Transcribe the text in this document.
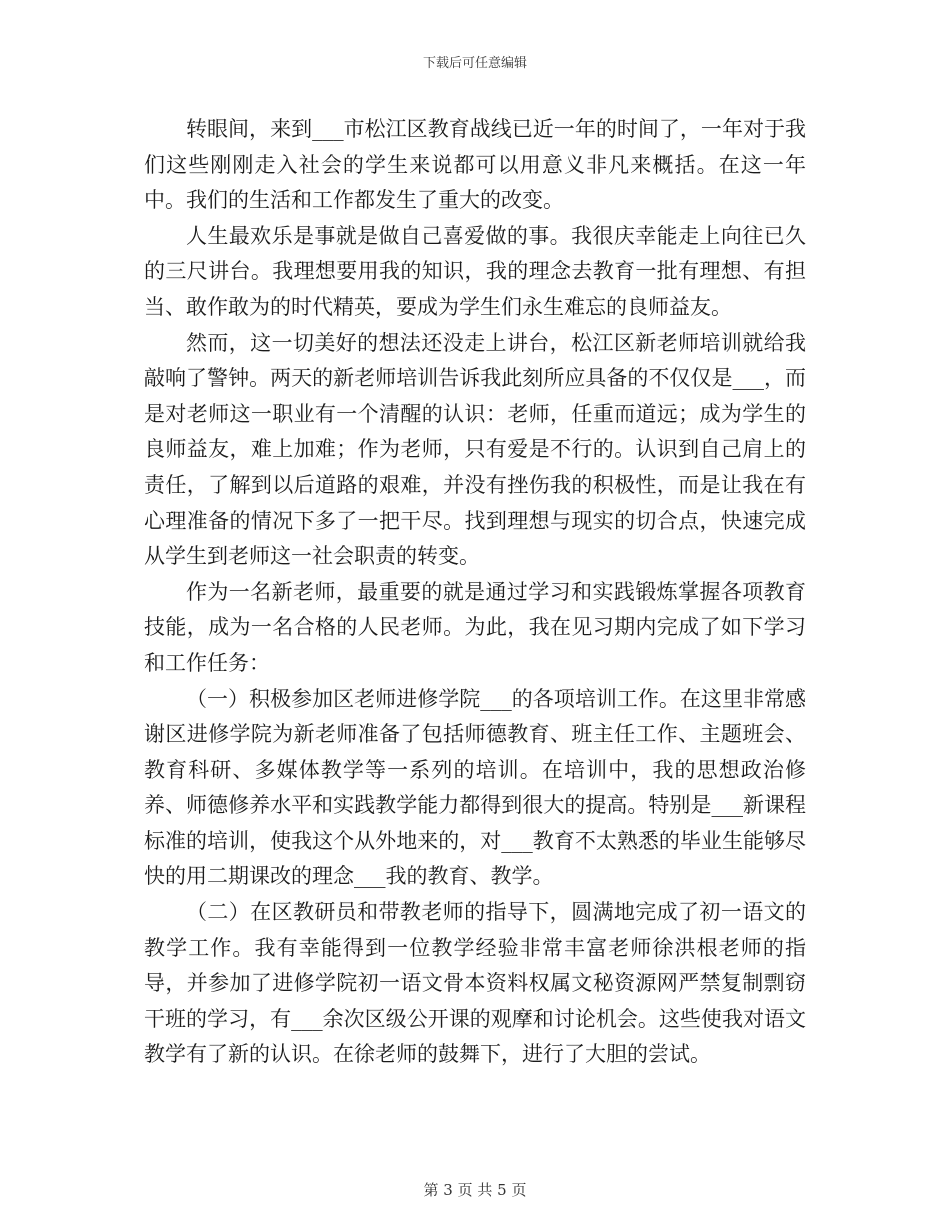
下载后可任意编辑

转眼间，来到___市松江区教育战线已近一年的时间了，一年对于我们这些刚刚走入社会的学生来说都可以用意义非凡来概括。在这一年中。我们的生活和工作都发生了重大的改变。

人生最欢乐是事就是做自己喜爱做的事。我很庆幸能走上向往已久的三尺讲台。我理想要用我的知识，我的理念去教育一批有理想、有担当、敢作敢为的时代精英，要成为学生们永生难忘的良师益友。

然而，这一切美好的想法还没走上讲台，松江区新老师培训就给我敲响了警钟。两天的新老师培训告诉我此刻所应具备的不仅仅是___，而是对老师这一职业有一个清醒的认识：老师，任重而道远；成为学生的良师益友，难上加难；作为老师，只有爱是不行的。认识到自己肩上的责任，了解到以后道路的艰难，并没有挫伤我的积极性，而是让我在有心理准备的情况下多了一把干尽。找到理想与现实的切合点，快速完成从学生到老师这一社会职责的转变。

作为一名新老师，最重要的就是通过学习和实践锻炼掌握各项教育技能，成为一名合格的人民老师。为此，我在见习期内完成了如下学习和工作任务：

（一）积极参加区老师进修学院___的各项培训工作。在这里非常感谢区进修学院为新老师准备了包括师德教育、班主任工作、主题班会、教育科研、多媒体教学等一系列的培训。在培训中，我的思想政治修养、师德修养水平和实践教学能力都得到很大的提高。特别是___新课程标准的培训，使我这个从外地来的，对___教育不太熟悉的毕业生能够尽快的用二期课改的理念___我的教育、教学。

（二）在区教研员和带教老师的指导下，圆满地完成了初一语文的教学工作。我有幸能得到一位教学经验非常丰富老师徐洪根老师的指导，并参加了进修学院初一语文骨本资料权属文秘资源网严禁复制剽窃干班的学习，有___余次区级公开课的观摩和讨论机会。这些使我对语文教学有了新的认识。在徐老师的鼓舞下，进行了大胆的尝试。

第 3 页 共 5 页
